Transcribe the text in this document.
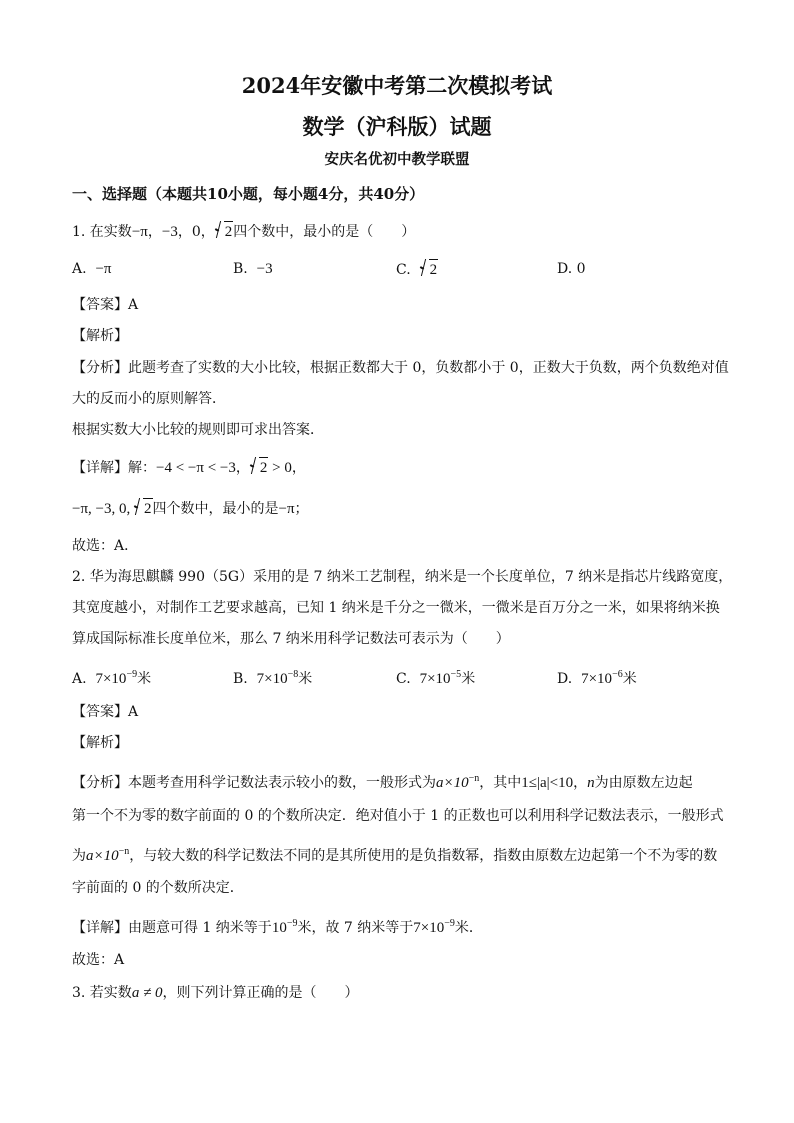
2024年安徽中考第二次模拟考试
数学（沪科版）试题
安庆名优初中教学联盟
一、选择题（本题共10小题，每小题4分，共40分）
1. 在实数−π，−3，0， 2四个数中，最小的是（　　）
A. −π	B. −3	C. 2	D. 0
【答案】A
【解析】
【分析】此题考查了实数的大小比较，根据正数都大于 0，负数都小于 0，正数大于负数，两个负数绝对值
大的反而小的原则解答．
根据实数大小比较的规则即可求出答案．
【详解】解：−4 < −π < −3， 2 > 0，
−π, −3, 0,
2四个数中，最小的是−π；
故选：A．
2. 华为海思麒麟 990（5G）采用的是 7 纳米工艺制程，纳米是一个长度单位，7 纳米是指芯片线路宽度，
其宽度越小，对制作工艺要求越高，已知 1 纳米是千分之一微米，一微米是百万分之一米，如果将纳米换
算成国际标准长度单位米，那么 7 纳米用科学记数法可表示为（　　）
A. $7\times 10^{-9}$米	B. $7\times 10^{-8}$米	C. $7\times 10^{-5}$米	D. $7\times 10^{-6}$米
【答案】A
【解析】
【分析】本题考查用科学记数法表示较小的数，一般形式为$a\times 10^{-n}$，其中1≤|a|<10，n为由原数左边起
第一个不为零的数字前面的 0 的个数所决定．绝对值小于 1 的正数也可以利用科学记数法表示，一般形式
为$a\times 10^{-n}$，与较大数的科学记数法不同的是其所使用的是负指数幂，指数由原数左边起第一个不为零的数
字前面的 0 的个数所决定．
【详解】由题意可得 1 纳米等于$10^{-9}$米，故 7 纳米等于$7\times 10^{-9}$米．
故选：A
3. 若实数a ≠ 0，则下列计算正确的是（　　）
